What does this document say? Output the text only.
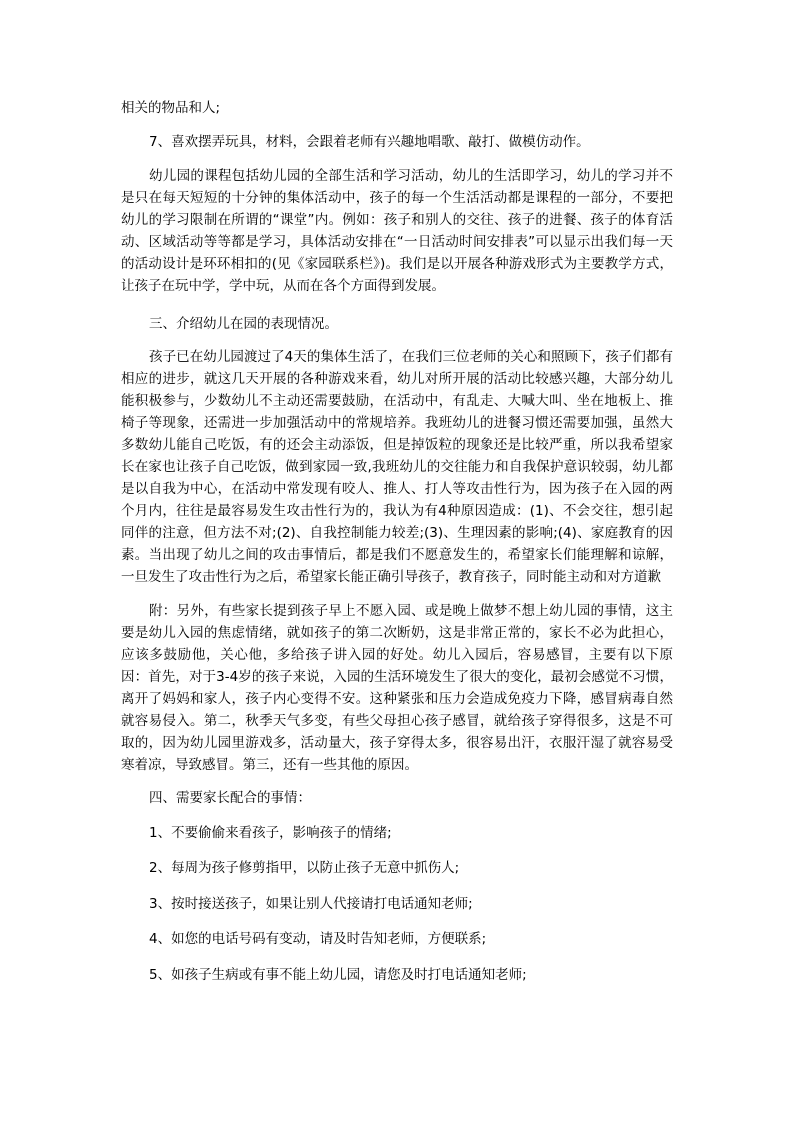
相关的物品和人;

7、喜欢摆弄玩具，材料，会跟着老师有兴趣地唱歌、敲打、做模仿动作。

幼儿园的课程包括幼儿园的全部生活和学习活动，幼儿的生活即学习，幼儿的学习并不是只在每天短短的十分钟的集体活动中，孩子的每一个生活活动都是课程的一部分，不要把幼儿的学习限制在所谓的“课堂”内。例如：孩子和别人的交往、孩子的进餐、孩子的体育活动、区域活动等等都是学习，具体活动安排在“一日活动时间安排表”可以显示出我们每一天的活动设计是环环相扣的(见《家园联系栏》)。我们是以开展各种游戏形式为主要教学方式，让孩子在玩中学，学中玩，从而在各个方面得到发展。

三、介绍幼儿在园的表现情况。

孩子已在幼儿园渡过了4天的集体生活了，在我们三位老师的关心和照顾下，孩子们都有相应的进步，就这几天开展的各种游戏来看，幼儿对所开展的活动比较感兴趣，大部分幼儿能积极参与，少数幼儿不主动还需要鼓励，在活动中，有乱走、大喊大叫、坐在地板上、推椅子等现象，还需进一步加强活动中的常规培养。我班幼儿的进餐习惯还需要加强，虽然大多数幼儿能自己吃饭，有的还会主动添饭，但是掉饭粒的现象还是比较严重，所以我希望家长在家也让孩子自己吃饭，做到家园一致,我班幼儿的交往能力和自我保护意识较弱，幼儿都是以自我为中心，在活动中常发现有咬人、推人、打人等攻击性行为，因为孩子在入园的两个月内，往往是最容易发生攻击性行为的，我认为有4种原因造成：(1)、不会交往，想引起同伴的注意，但方法不对;(2)、自我控制能力较差;(3)、生理因素的影响;(4)、家庭教育的因素。当出现了幼儿之间的攻击事情后，都是我们不愿意发生的，希望家长们能理解和谅解，一旦发生了攻击性行为之后，希望家长能正确引导孩子，教育孩子，同时能主动和对方道歉

附：另外，有些家长提到孩子早上不愿入园、或是晚上做梦不想上幼儿园的事情，这主要是幼儿入园的焦虑情绪，就如孩子的第二次断奶，这是非常正常的，家长不必为此担心，应该多鼓励他，关心他，多给孩子讲入园的好处。幼儿入园后，容易感冒，主要有以下原因：首先，对于3-4岁的孩子来说，入园的生活环境发生了很大的变化，最初会感觉不习惯，离开了妈妈和家人，孩子内心变得不安。这种紧张和压力会造成免疫力下降，感冒病毒自然就容易侵入。第二，秋季天气多变，有些父母担心孩子感冒，就给孩子穿得很多，这是不可取的，因为幼儿园里游戏多，活动量大，孩子穿得太多，很容易出汗，衣服汗湿了就容易受寒着凉，导致感冒。第三，还有一些其他的原因。

四、需要家长配合的事情：

1、不要偷偷来看孩子，影响孩子的情绪;

2、每周为孩子修剪指甲，以防止孩子无意中抓伤人;

3、按时接送孩子，如果让别人代接请打电话通知老师;

4、如您的电话号码有变动，请及时告知老师，方便联系;

5、如孩子生病或有事不能上幼儿园，请您及时打电话通知老师;
